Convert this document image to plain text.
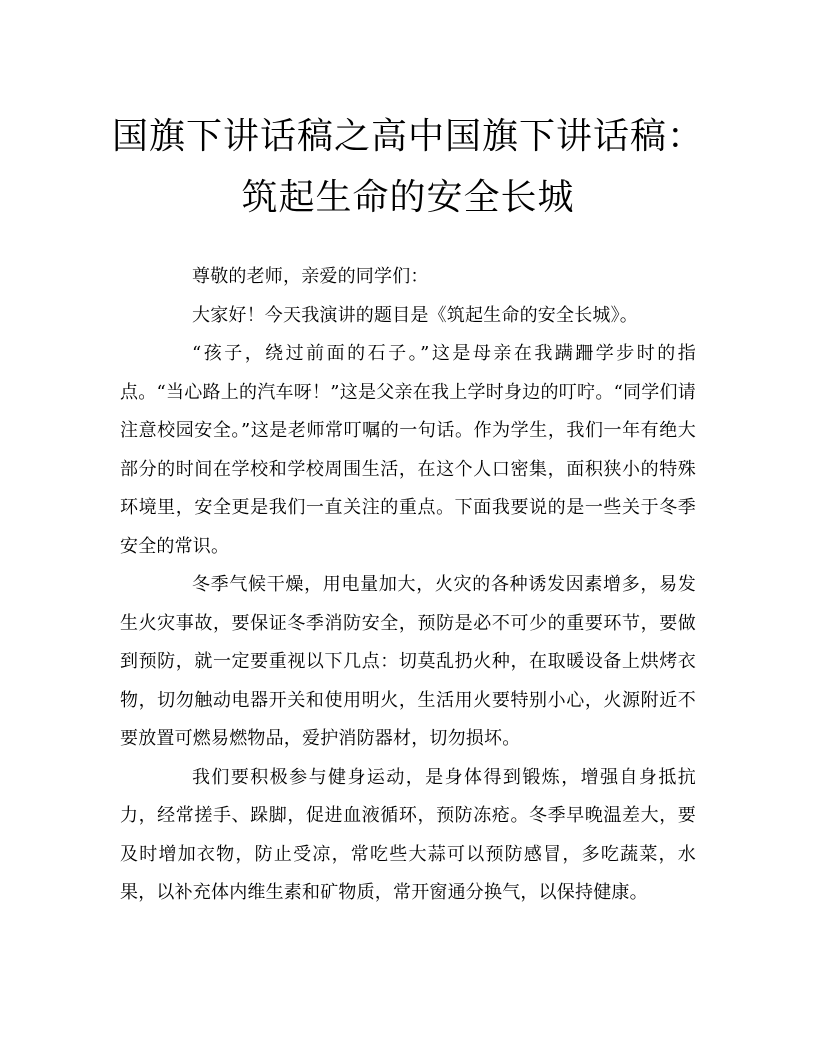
国旗下讲话稿之高中国旗下讲话稿：筑起生命的安全长城

尊敬的老师，亲爱的同学们：

大家好！今天我演讲的题目是《筑起生命的安全长城》。

“孩子，绕过前面的石子。”这是母亲在我蹒跚学步时的指点。“当心路上的汽车呀！”这是父亲在我上学时身边的叮咛。“同学们请注意校园安全。”这是老师常叮嘱的一句话。作为学生，我们一年有绝大部分的时间在学校和学校周围生活，在这个人口密集，面积狭小的特殊环境里，安全更是我们一直关注的重点。下面我要说的是一些关于冬季安全的常识。

冬季气候干燥，用电量加大，火灾的各种诱发因素增多，易发生火灾事故，要保证冬季消防安全，预防是必不可少的重要环节，要做到预防，就一定要重视以下几点：切莫乱扔火种，在取暖设备上烘烤衣物，切勿触动电器开关和使用明火，生活用火要特别小心，火源附近不要放置可燃易燃物品，爱护消防器材，切勿损坏。

我们要积极参与健身运动，是身体得到锻炼，增强自身抵抗力，经常搓手、跺脚，促进血液循环，预防冻疮。冬季早晚温差大，要及时增加衣物，防止受凉，常吃些大蒜可以预防感冒，多吃蔬菜，水果，以补充体内维生素和矿物质，常开窗通分换气，以保持健康。
